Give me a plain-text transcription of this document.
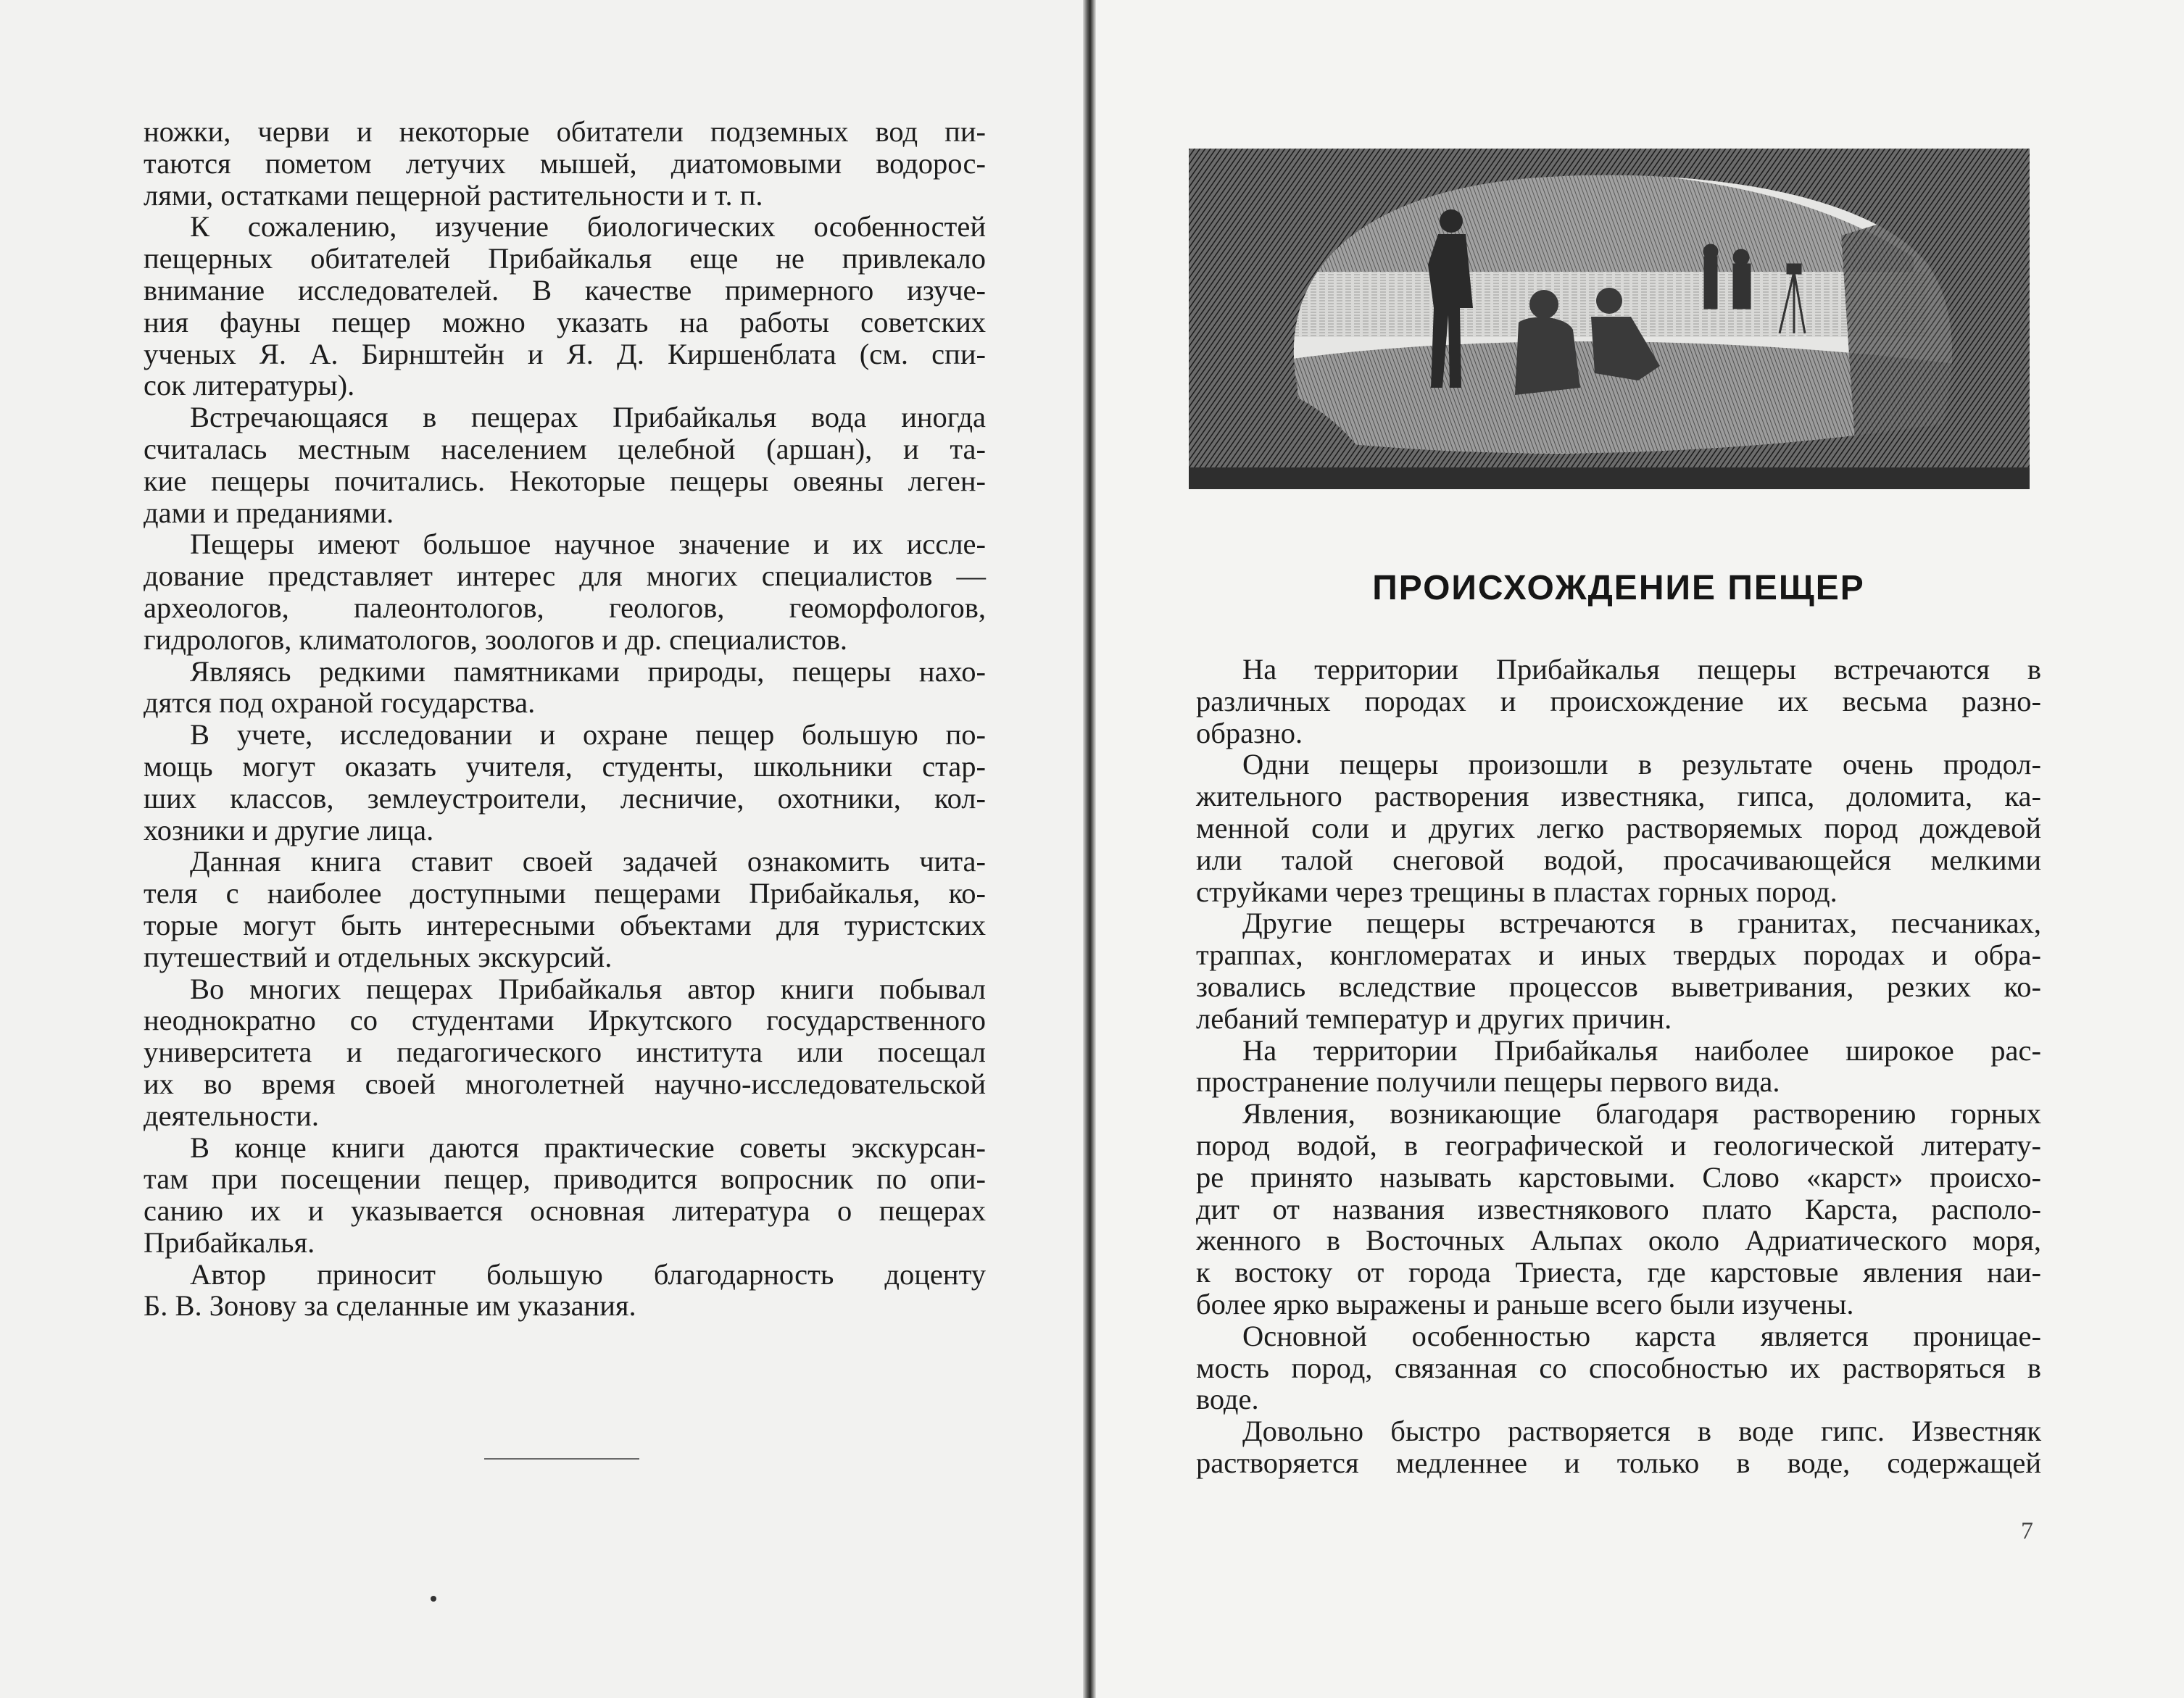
ножки, черви и некоторые обитатели подземных вод пи-
таются пометом летучих мышей, диатомовыми водорос-
лями, остатками пещерной растительности и т. п.

К сожалению, изучение биологических особенностей
пещерных обитателей Прибайкалья еще не привлекало
внимание исследователей. В качестве примерного изуче-
ния фауны пещер можно указать на работы советских
ученых Я. А. Бирнштейн и Я. Д. Киршенблата (см. спи-
сок литературы).

Встречающаяся в пещерах Прибайкалья вода иногда
считалась местным населением целебной (аршан), и та-
кие пещеры почитались. Некоторые пещеры овеяны леген-
дами и преданиями.

Пещеры имеют большое научное значение и их иссле-
дование представляет интерес для многих специалистов —
археологов, палеонтологов, геологов, геоморфологов,
гидрологов, климатологов, зоологов и др. специалистов.

Являясь редкими памятниками природы, пещеры нахо-
дятся под охраной государства.

В учете, исследовании и охране пещер большую по-
мощь могут оказать учителя, студенты, школьники стар-
ших классов, землеустроители, лесничие, охотники, кол-
хозники и другие лица.

Данная книга ставит своей задачей ознакомить чита-
теля с наиболее доступными пещерами Прибайкалья, ко-
торые могут быть интересными объектами для туристских
путешествий и отдельных экскурсий.

Во многих пещерах Прибайкалья автор книги побывал
неоднократно со студентами Иркутского государственного
университета и педагогического института или посещал
их во время своей многолетней научно-исследовательской
деятельности.

В конце книги даются практические советы экскурсан-
там при посещении пещер, приводится вопросник по опи-
санию их и указывается основная литература о пещерах
Прибайкалья.

Автор приносит большую благодарность доценту
Б. В. Зонову за сделанные им указания.

ПРОИСХОЖДЕНИЕ ПЕЩЕР

На территории Прибайкалья пещеры встречаются в
различных породах и происхождение их весьма разно-
образно.

Одни пещеры произошли в результате очень продол-
жительного растворения известняка, гипса, доломита, ка-
менной соли и других легко растворяемых пород дождевой
или талой снеговой водой, просачивающейся мелкими
струйками через трещины в пластах горных пород.

Другие пещеры встречаются в гранитах, песчаниках,
траппах, конгломератах и иных твердых породах и обра-
зовались вследствие процессов выветривания, резких ко-
лебаний температур и других причин.

На территории Прибайкалья наиболее широкое рас-
пространение получили пещеры первого вида.

Явления, возникающие благодаря растворению горных
пород водой, в географической и геологической литерату-
ре принято называть карстовыми. Слово «карст» происхо-
дит от названия известнякового плато Карста, располо-
женного в Восточных Альпах около Адриатического моря,
к востоку от города Триеста, где карстовые явления наи-
более ярко выражены и раньше всего были изучены.

Основной особенностью карста является проницае-
мость пород, связанная со способностью их растворяться в
воде.

Довольно быстро растворяется в воде гипс. Известняк
растворяется медленнее и только в воде, содержащей

7
